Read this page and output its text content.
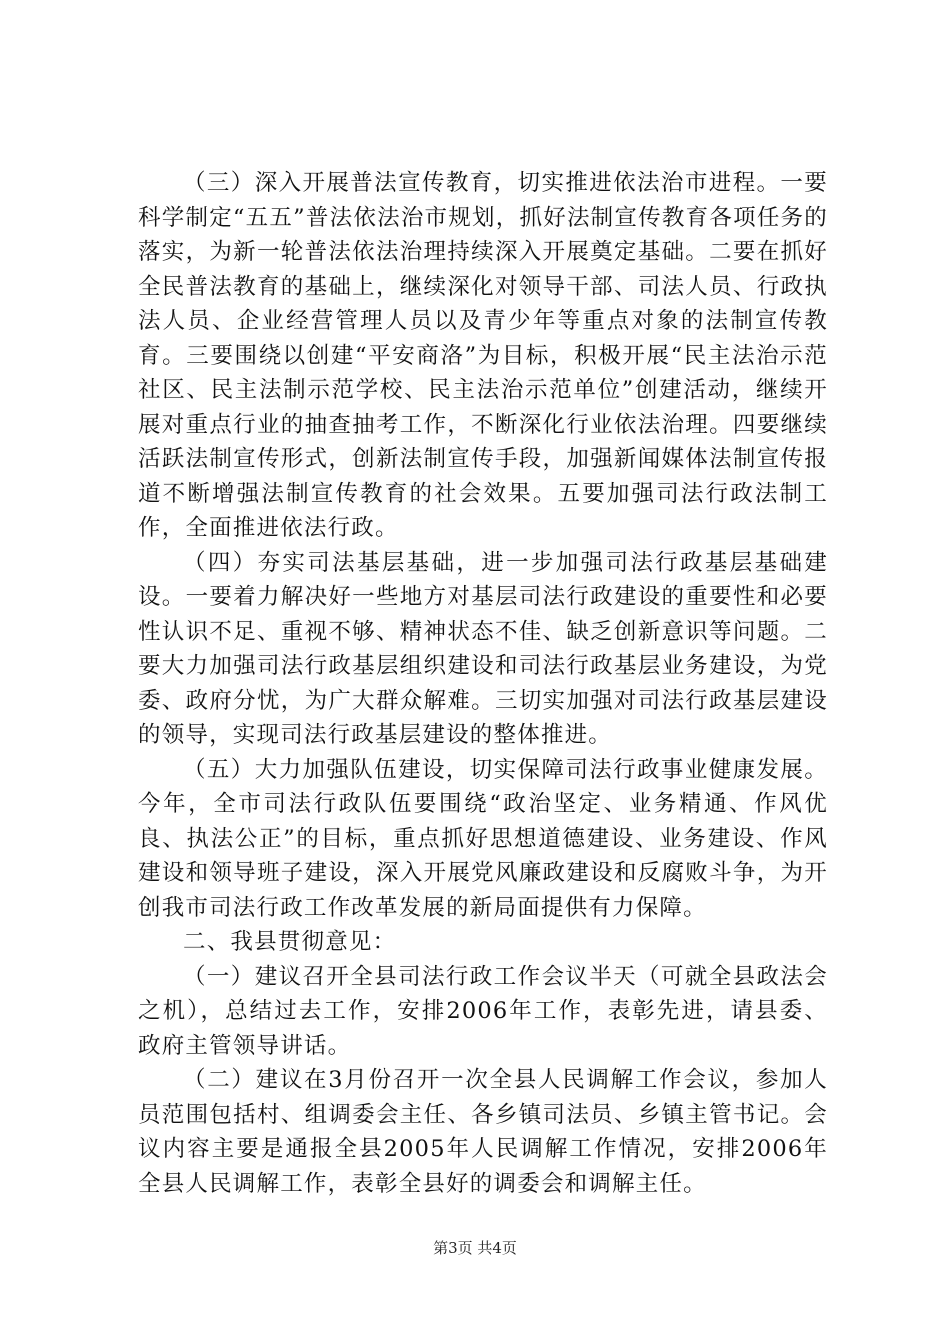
（三）深入开展普法宣传教育，切实推进依法治市进程。一要科学制定“五五”普法依法治市规划，抓好法制宣传教育各项任务的落实，为新一轮普法依法治理持续深入开展奠定基础。二要在抓好全民普法教育的基础上，继续深化对领导干部、司法人员、行政执法人员、企业经营管理人员以及青少年等重点对象的法制宣传教育。三要围绕以创建“平安商洛”为目标，积极开展“民主法治示范社区、民主法制示范学校、民主法治示范单位”创建活动，继续开展对重点行业的抽查抽考工作，不断深化行业依法治理。四要继续活跃法制宣传形式，创新法制宣传手段，加强新闻媒体法制宣传报道不断增强法制宣传教育的社会效果。五要加强司法行政法制工作，全面推进依法行政。

（四）夯实司法基层基础，进一步加强司法行政基层基础建设。一要着力解决好一些地方对基层司法行政建设的重要性和必要性认识不足、重视不够、精神状态不佳、缺乏创新意识等问题。二要大力加强司法行政基层组织建设和司法行政基层业务建设，为党委、政府分忧，为广大群众解难。三切实加强对司法行政基层建设的领导，实现司法行政基层建设的整体推进。

（五）大力加强队伍建设，切实保障司法行政事业健康发展。今年，全市司法行政队伍要围绕“政治坚定、业务精通、作风优良、执法公正”的目标，重点抓好思想道德建设、业务建设、作风建设和领导班子建设，深入开展党风廉政建设和反腐败斗争，为开创我市司法行政工作改革发展的新局面提供有力保障。

二、我县贯彻意见：

（一）建议召开全县司法行政工作会议半天（可就全县政法会之机），总结过去工作，安排2006年工作，表彰先进，请县委、政府主管领导讲话。

（二）建议在3月份召开一次全县人民调解工作会议，参加人员范围包括村、组调委会主任、各乡镇司法员、乡镇主管书记。会议内容主要是通报全县2005年人民调解工作情况，安排2006年全县人民调解工作，表彰全县好的调委会和调解主任。

第3页 共4页
